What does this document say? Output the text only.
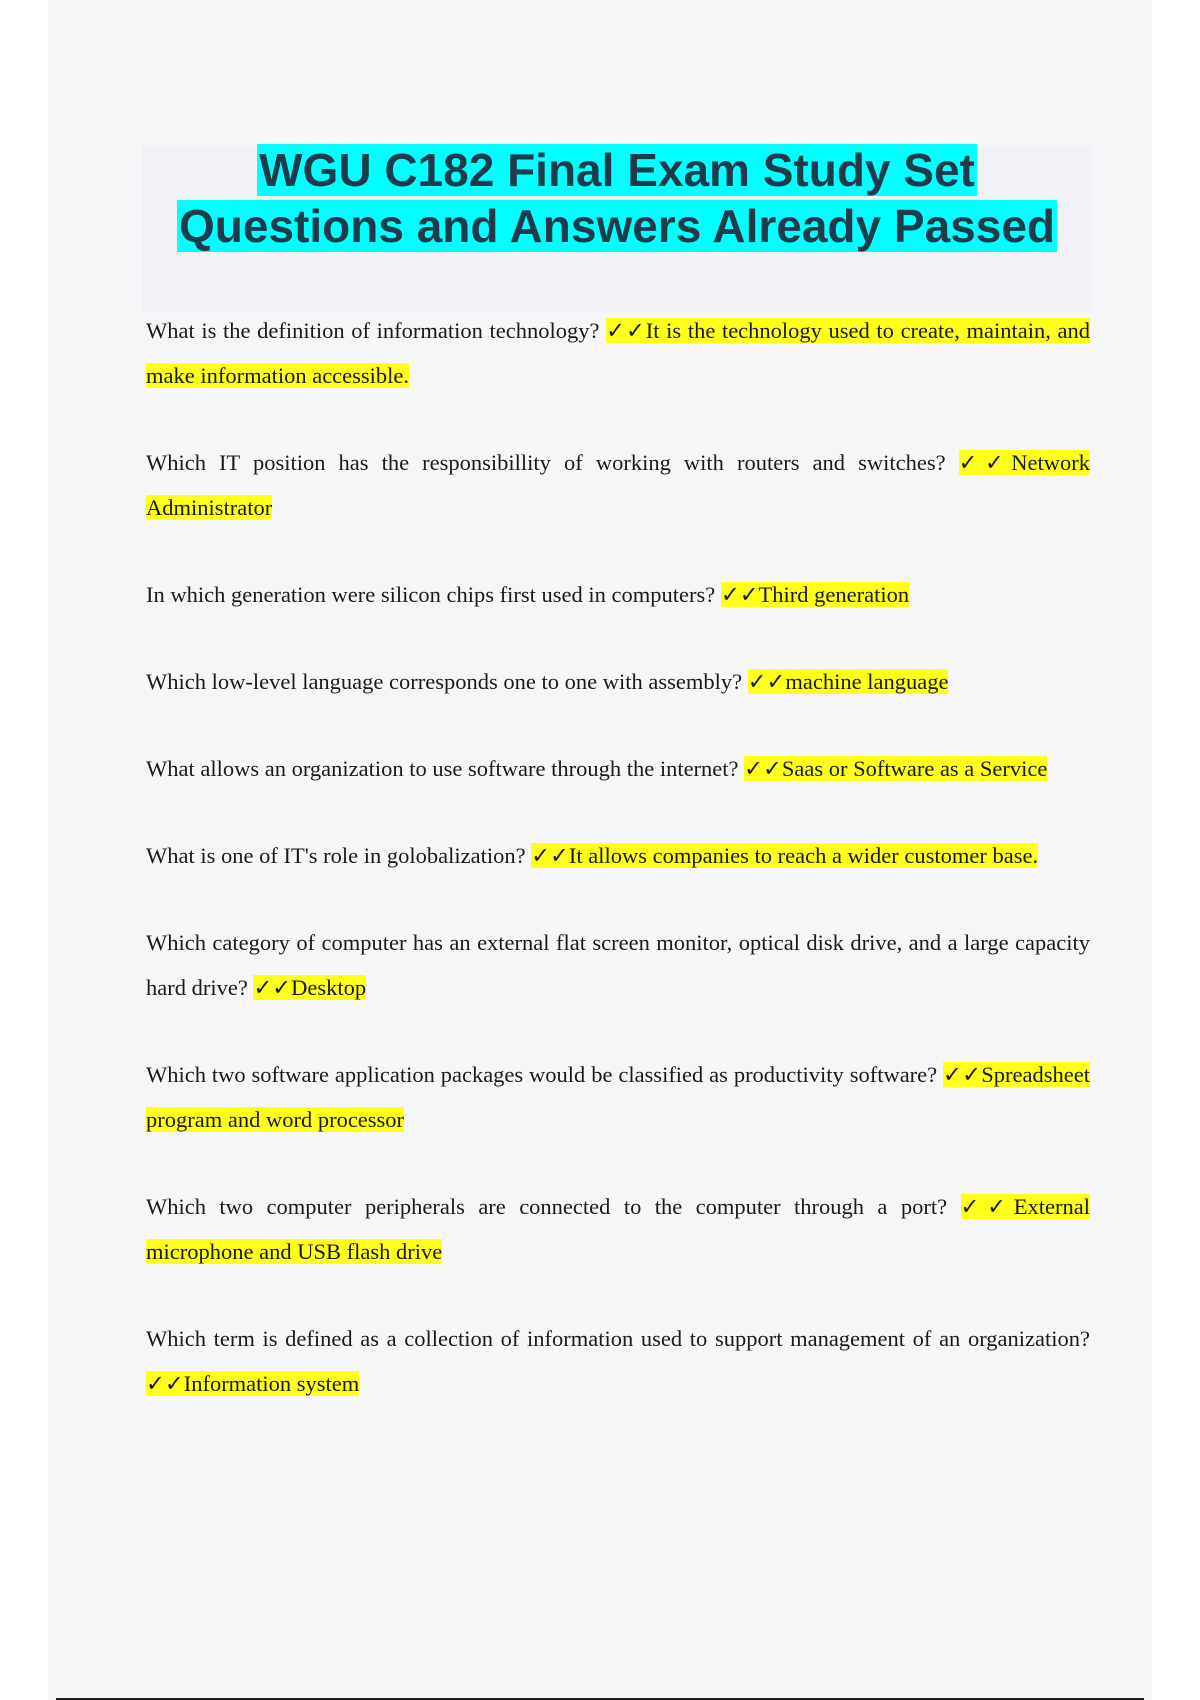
WGU C182 Final Exam Study Set
Questions and Answers Already Passed

What is the definition of information technology? ✓✓It is the technology used to create, maintain, and make information accessible.

Which IT position has the responsibillity of working with routers and switches? ✓✓Network Administrator

In which generation were silicon chips first used in computers? ✓✓Third generation

Which low-level language corresponds one to one with assembly? ✓✓machine language

What allows an organization to use software through the internet? ✓✓Saas or Software as a Service

What is one of IT's role in golobalization? ✓✓It allows companies to reach a wider customer base.

Which category of computer has an external flat screen monitor, optical disk drive, and a large capacity hard drive? ✓✓Desktop

Which two software application packages would be classified as productivity software? ✓✓Spreadsheet program and word processor

Which two computer peripherals are connected to the computer through a port? ✓✓External microphone and USB flash drive

Which term is defined as a collection of information used to support management of an organization? ✓✓Information system
